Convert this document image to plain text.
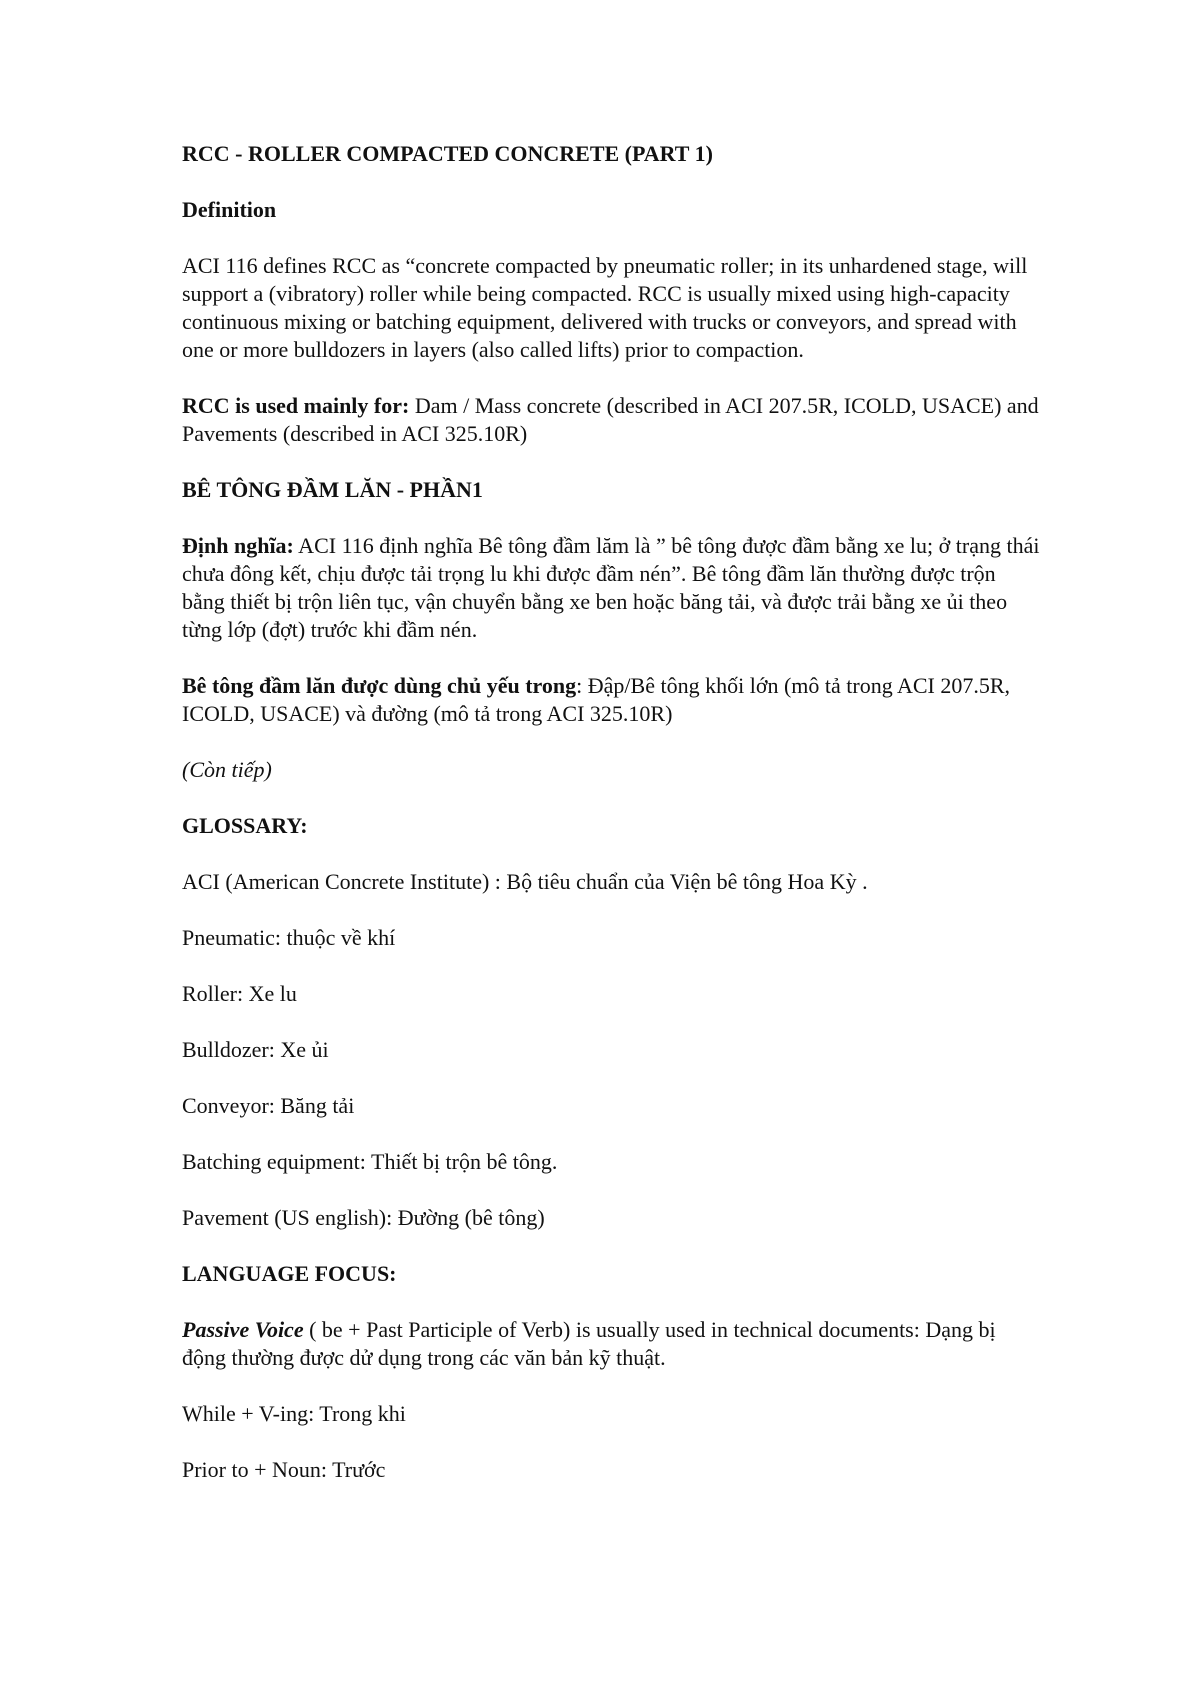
RCC - ROLLER COMPACTED CONCRETE (PART 1)

Definition

ACI 116 defines RCC as “concrete compacted by pneumatic roller; in its unhardened stage, will support a (vibratory) roller while being compacted. RCC is usually mixed using high-capacity continuous mixing or batching equipment, delivered with trucks or conveyors, and spread with one or more bulldozers in layers (also called lifts) prior to compaction.

RCC is used mainly for: Dam / Mass concrete (described in ACI 207.5R, ICOLD, USACE) and Pavements (described in ACI 325.10R)

BÊ TÔNG ĐẦM LĂN - PHẦN1

Định nghĩa: ACI 116 định nghĩa Bê tông đầm lăm là ” bê tông được đầm bằng xe lu; ở trạng thái chưa đông kết, chịu được tải trọng lu khi được đầm nén”. Bê tông đầm lăn thường được trộn bằng thiết bị trộn liên tục, vận chuyển bằng xe ben hoặc băng tải, và được trải bằng xe ủi theo từng lớp (đợt) trước khi đầm nén.

Bê tông đầm lăn được dùng chủ yếu trong: Đập/Bê tông khối lớn (mô tả trong ACI 207.5R, ICOLD, USACE) và đường (mô tả trong ACI 325.10R)

(Còn tiếp)

GLOSSARY:

ACI (American Concrete Institute) : Bộ tiêu chuẩn của Viện bê tông Hoa Kỳ .

Pneumatic: thuộc về khí

Roller: Xe lu

Bulldozer: Xe ủi

Conveyor: Băng tải

Batching equipment: Thiết bị trộn bê tông.

Pavement (US english): Đường (bê tông)

LANGUAGE FOCUS:

Passive Voice ( be + Past Participle of Verb) is usually used in technical documents: Dạng bị động thường được dử dụng trong các văn bản kỹ thuật.

While + V-ing: Trong khi

Prior to + Noun: Trước
